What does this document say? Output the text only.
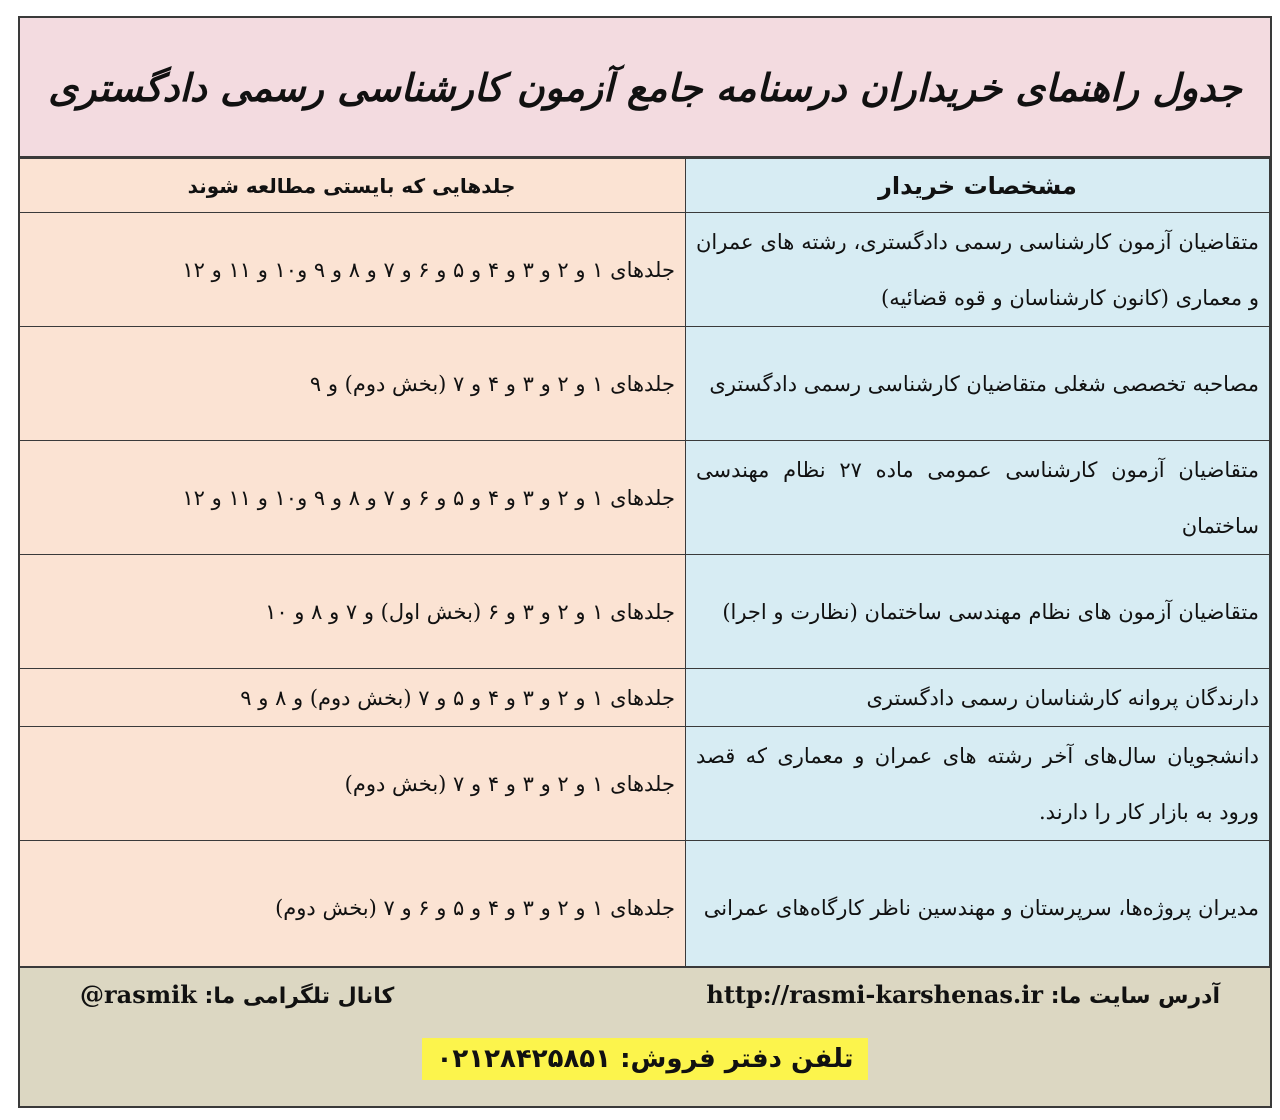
جدول راهنمای خریداران درسنامه جامع آزمون کارشناسی رسمی دادگستری
مشخصات خریدار	جلدهایی که بایستی مطالعه شوند
متقاضیان آزمون کارشناسی رسمی دادگستری، رشته های عمران و معماری (کانون کارشناسان و قوه قضائیه)	جلدهای ۱ و ۲ و ۳ و ۴ و ۵ و ۶ و ۷ و ۸ و ۹ و۱۰ و ۱۱ و ۱۲
مصاحبه تخصصی شغلی متقاضیان کارشناسی رسمی دادگستری	جلدهای ۱ و ۲ و ۳ و ۴ و ۷ (بخش دوم) و ۹
متقاضیان آزمون کارشناسی عمومی ماده ۲۷ نظام مهندسی ساختمان	جلدهای ۱ و ۲ و ۳ و ۴ و ۵ و ۶ و ۷ و ۸ و ۹ و۱۰ و ۱۱ و ۱۲
متقاضیان آزمون های نظام مهندسی ساختمان (نظارت و اجرا)	جلدهای ۱ و ۲ و ۳ و ۶ (بخش اول) و ۷ و ۸ و ۱۰
دارندگان پروانه کارشناسان رسمی دادگستری	جلدهای ۱ و ۲ و ۳ و ۴ و ۵ و ۷ (بخش دوم) و ۸ و ۹
دانشجویان سال‌های آخر رشته های عمران و معماری که قصد ورود به بازار کار را دارند.	جلدهای ۱ و ۲ و ۳ و ۴ و ۷ (بخش دوم)
مدیران پروژه‌ها، سرپرستان و مهندسین ناظر کارگاه‌های عمرانی	جلدهای ۱ و ۲ و ۳ و ۴ و ۵ و ۶ و ۷ (بخش دوم)
آدرس سایت ما: http://rasmi-karshenas.ir
کانال تلگرامی ما: @rasmik
تلفن دفتر فروش: ۰۲۱۲۸۴۲۵۸۵۱
